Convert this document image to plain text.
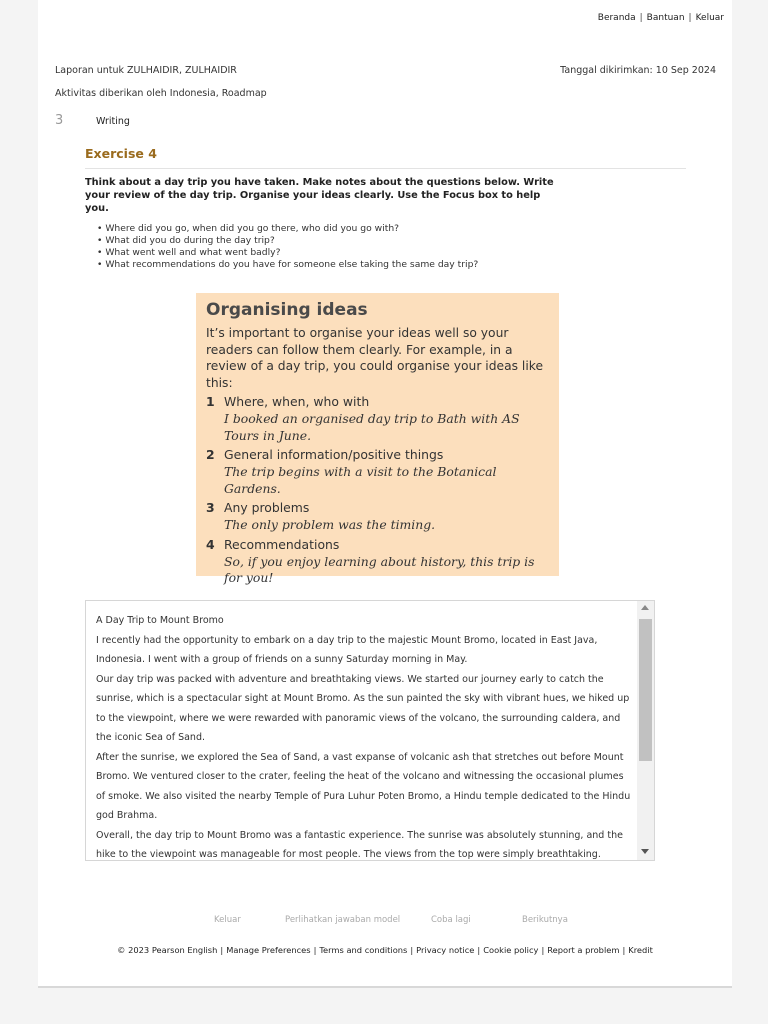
Beranda | Bantuan | Keluar
Laporan untuk ZULHAIDIR, ZULHAIDIR	Tanggal dikirimkan: 10 Sep 2024
Aktivitas diberikan oleh Indonesia, Roadmap
3	Writing
Exercise 4
Think about a day trip you have taken. Make notes about the questions below. Write your review of the day trip. Organise your ideas clearly. Use the Focus box to help you.
• Where did you go, when did you go there, who did you go with?
• What did you do during the day trip?
• What went well and what went badly?
• What recommendations do you have for someone else taking the same day trip?
Organising ideas
It’s important to organise your ideas well so your readers can follow them clearly. For example, in a review of a day trip, you could organise your ideas like this:
1 Where, when, who with
I booked an organised day trip to Bath with AS Tours in June.
2 General information/positive things
The trip begins with a visit to the Botanical Gardens.
3 Any problems
The only problem was the timing.
4 Recommendations
So, if you enjoy learning about history, this trip is for you!

A Day Trip to Mount Bromo

I recently had the opportunity to embark on a day trip to the majestic Mount Bromo, located in East Java, Indonesia. I went with a group of friends on a sunny Saturday morning in May.

Our day trip was packed with adventure and breathtaking views. We started our journey early to catch the sunrise, which is a spectacular sight at Mount Bromo. As the sun painted the sky with vibrant hues, we hiked up to the viewpoint, where we were rewarded with panoramic views of the volcano, the surrounding caldera, and the iconic Sea of Sand.

After the sunrise, we explored the Sea of Sand, a vast expanse of volcanic ash that stretches out before Mount Bromo. We ventured closer to the crater, feeling the heat of the volcano and witnessing the occasional plumes of smoke. We also visited the nearby Temple of Pura Luhur Poten Bromo, a Hindu temple dedicated to the Hindu god Brahma.

Overall, the day trip to Mount Bromo was a fantastic experience. The sunrise was absolutely stunning, and the hike to the viewpoint was manageable for most people. The views from the top were simply breathtaking.

Keluar	Perlihatkan jawaban model	Coba lagi	Berikutnya
© 2023 Pearson English | Manage Preferences | Terms and conditions | Privacy notice | Cookie policy | Report a problem | Kredit
